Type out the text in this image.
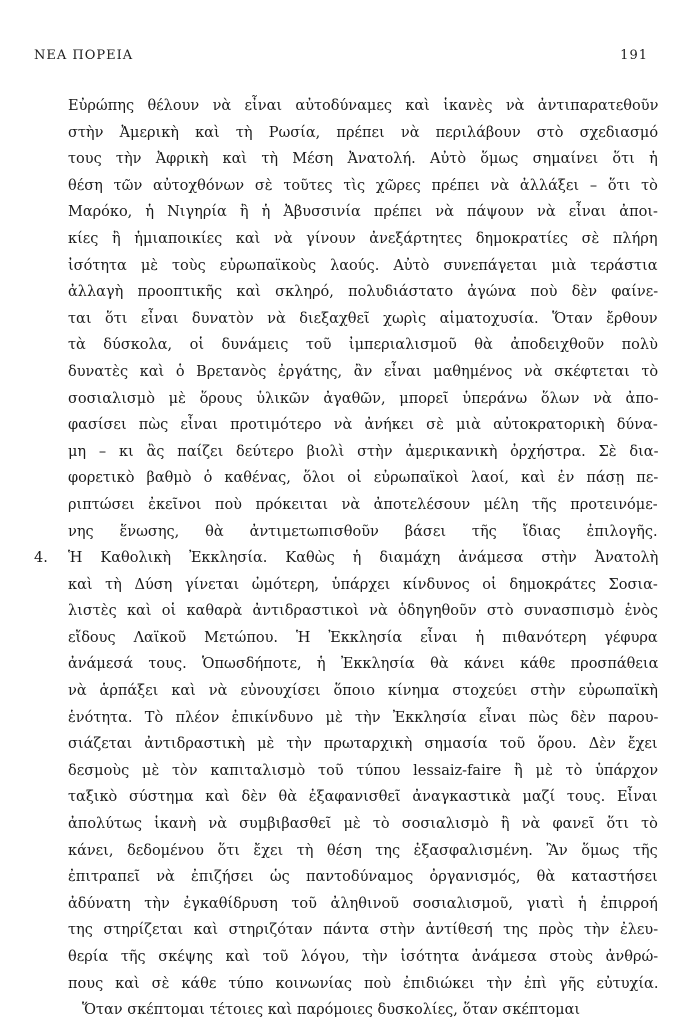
ΝΕΑ ΠΟΡΕΙΑ	191
Εὐρώπης θέλουν νὰ εἶναι αὐτοδύναμες καὶ ἱκανὲς νὰ ἀντιπαρατεθοῦν
στὴν Ἀμερικὴ καὶ τὴ Ρωσία, πρέπει νὰ περιλάβουν στὸ σχεδιασμό
τους τὴν Ἀφρικὴ καὶ τὴ Μέση Ἀνατολή. Αὐτὸ ὅμως σημαίνει ὅτι ἡ
θέση τῶν αὐτοχθόνων σὲ τοῦτες τὶς χῶρες πρέπει νὰ ἀλλάξει – ὅτι τὸ
Μαρόκο, ἡ Νιγηρία ἢ ἡ Ἀβυσσινία πρέπει νὰ πάψουν νὰ εἶναι ἀποι-
κίες ἢ ἡμιαποικίες καὶ νὰ γίνουν ἀνεξάρτητες δημοκρατίες σὲ πλήρη
ἰσότητα μὲ τοὺς εὐρωπαϊκοὺς λαούς. Αὐτὸ συνεπάγεται μιὰ τεράστια
ἀλλαγὴ προοπτικῆς καὶ σκληρό, πολυδιάστατο ἀγώνα ποὺ δὲν φαίνε-
ται ὅτι εἶναι δυνατὸν νὰ διεξαχθεῖ χωρὶς αἱματοχυσία. Ὅταν ἔρθουν
τὰ δύσκολα, οἱ δυνάμεις τοῦ ἰμπεριαλισμοῦ θὰ ἀποδειχθοῦν πολὺ
δυνατὲς καὶ ὁ Βρετανὸς ἐργάτης, ἂν εἶναι μαθημένος νὰ σκέφτεται τὸ
σοσιαλισμὸ μὲ ὅρους ὑλικῶν ἀγαθῶν, μπορεῖ ὑπεράνω ὅλων νὰ ἀπο-
φασίσει πὼς εἶναι προτιμότερο νὰ ἀνήκει σὲ μιὰ αὐτοκρατορικὴ δύνα-
μη – κι ἂς παίζει δεύτερο βιολὶ στὴν ἀμερικανικὴ ὀρχήστρα. Σὲ δια-
φορετικὸ βαθμὸ ὁ καθένας, ὅλοι οἱ εὐρωπαϊκοὶ λαοί, καὶ ἐν πάσῃ πε-
ριπτώσει ἐκεῖνοι ποὺ πρόκειται νὰ ἀποτελέσουν μέλη τῆς προτεινόμε-
νης ἕνωσης, θὰ ἀντιμετωπισθοῦν βάσει τῆς ἴδιας ἐπιλογῆς.
4. Ἡ Καθολικὴ Ἐκκλησία. Καθὼς ἡ διαμάχη ἀνάμεσα στὴν Ἀνατολὴ
καὶ τὴ Δύση γίνεται ὠμότερη, ὑπάρχει κίνδυνος οἱ δημοκράτες Σοσια-
λιστὲς καὶ οἱ καθαρὰ ἀντιδραστικοὶ νὰ ὁδηγηθοῦν στὸ συνασπισμὸ ἑνὸς
εἴδους Λαϊκοῦ Μετώπου. Ἡ Ἐκκλησία εἶναι ἡ πιθανότερη γέφυρα
ἀνάμεσά τους. Ὁπωσδήποτε, ἡ Ἐκκλησία θὰ κάνει κάθε προσπάθεια
νὰ ἁρπάξει καὶ νὰ εὐνουχίσει ὅποιο κίνημα στοχεύει στὴν εὐρωπαϊκὴ
ἑνότητα. Τὸ πλέον ἐπικίνδυνο μὲ τὴν Ἐκκλησία εἶναι πὼς δὲν παρου-
σιάζεται ἀντιδραστικὴ μὲ τὴν πρωταρχικὴ σημασία τοῦ ὅρου. Δὲν ἔχει
δεσμοὺς μὲ τὸν καπιταλισμὸ τοῦ τύπου lessaiz-faire ἢ μὲ τὸ ὑπάρχον
ταξικὸ σύστημα καὶ δὲν θὰ ἐξαφανισθεῖ ἀναγκαστικὰ μαζί τους. Εἶναι
ἀπολύτως ἱκανὴ νὰ συμβιβασθεῖ μὲ τὸ σοσιαλισμὸ ἢ νὰ φανεῖ ὅτι τὸ
κάνει, δεδομένου ὅτι ἔχει τὴ θέση της ἐξασφαλισμένη. Ἂν ὅμως τῆς
ἐπιτραπεῖ νὰ ἐπιζήσει ὡς παντοδύναμος ὀργανισμός, θὰ καταστήσει
ἀδύνατη τὴν ἐγκαθίδρυση τοῦ ἀληθινοῦ σοσιαλισμοῦ, γιατὶ ἡ ἐπιρροή
της στηρίζεται καὶ στηριζόταν πάντα στὴν ἀντίθεσή της πρὸς τὴν ἐλευ-
θερία τῆς σκέψης καὶ τοῦ λόγου, τὴν ἰσότητα ἀνάμεσα στοὺς ἀνθρώ-
πους καὶ σὲ κάθε τύπο κοινωνίας ποὺ ἐπιδιώκει τὴν ἐπὶ γῆς εὐτυχία.
Ὅταν σκέπτομαι τέτοιες καὶ παρόμοιες δυσκολίες, ὅταν σκέπτομαι
